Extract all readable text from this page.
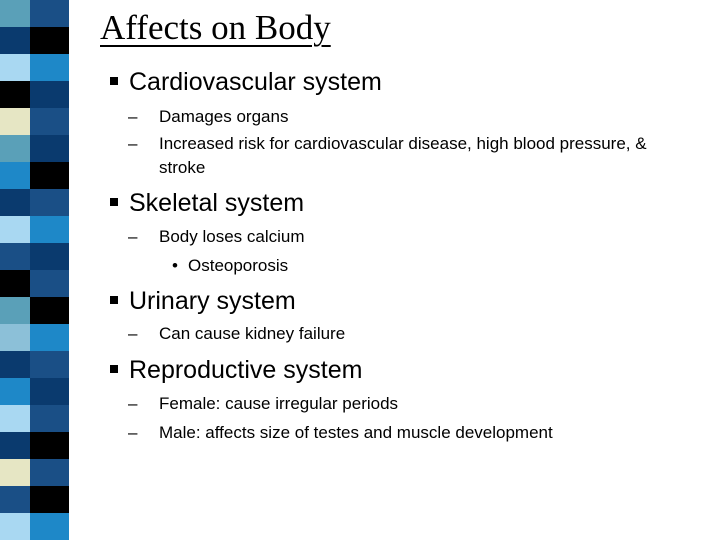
Affects on Body
Cardiovascular system
– Damages organs
– Increased risk for cardiovascular disease, high blood pressure, & stroke
Skeletal system
– Body loses calcium
• Osteoporosis
Urinary system
– Can cause kidney failure
Reproductive system
– Female: cause irregular periods
– Male: affects size of testes and muscle development
